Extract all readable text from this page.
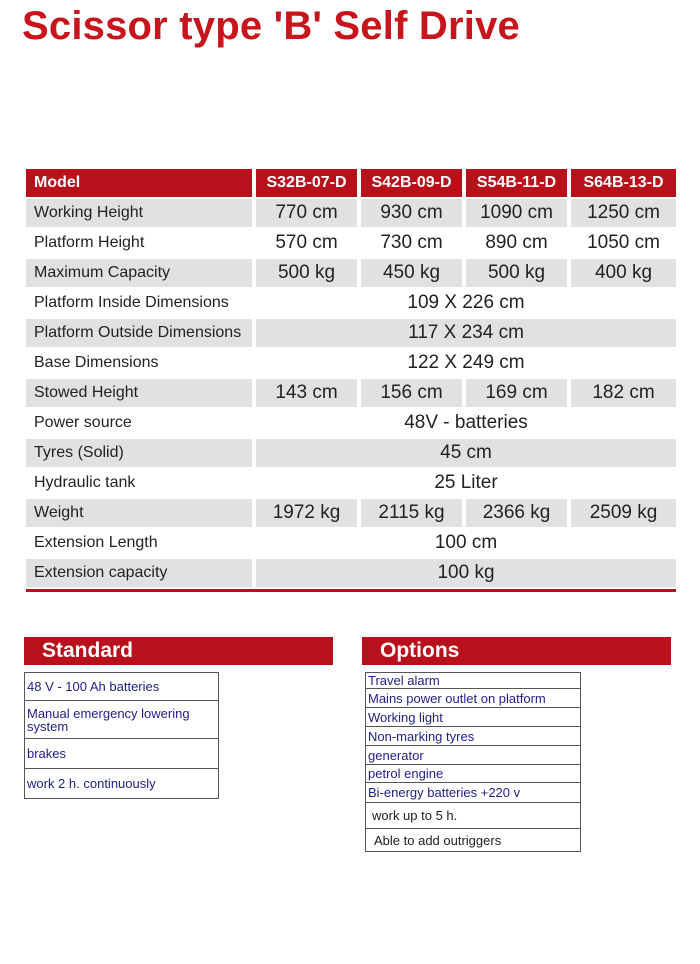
Scissor type 'B' Self Drive
Model	S32B-07-D	S42B-09-D	S54B-11-D	S64B-13-D
Working Height	770 cm	930 cm	1090 cm	1250 cm
Platform Height	570 cm	730 cm	890 cm	1050 cm
Maximum Capacity	500 kg	450 kg	500 kg	400 kg
Platform Inside Dimensions	109 X 226 cm
Platform Outside Dimensions	117 X 234 cm
Base Dimensions	122 X 249 cm
Stowed Height	143 cm	156 cm	169 cm	182 cm
Power source	48V - batteries
Tyres (Solid)	45 cm
Hydraulic tank	25 Liter
Weight	1972 kg	2115 kg	2366 kg	2509 kg
Extension Length	100 cm
Extension capacity	100 kg
Standard
48 V - 100 Ah batteries
Manual emergency lowering system
brakes
work 2 h. continuously
Options
Travel alarm
Mains power outlet on platform
Working light
Non-marking tyres
generator
petrol engine
Bi-energy batteries +220 v
work up to 5 h.
Able to add outriggers
